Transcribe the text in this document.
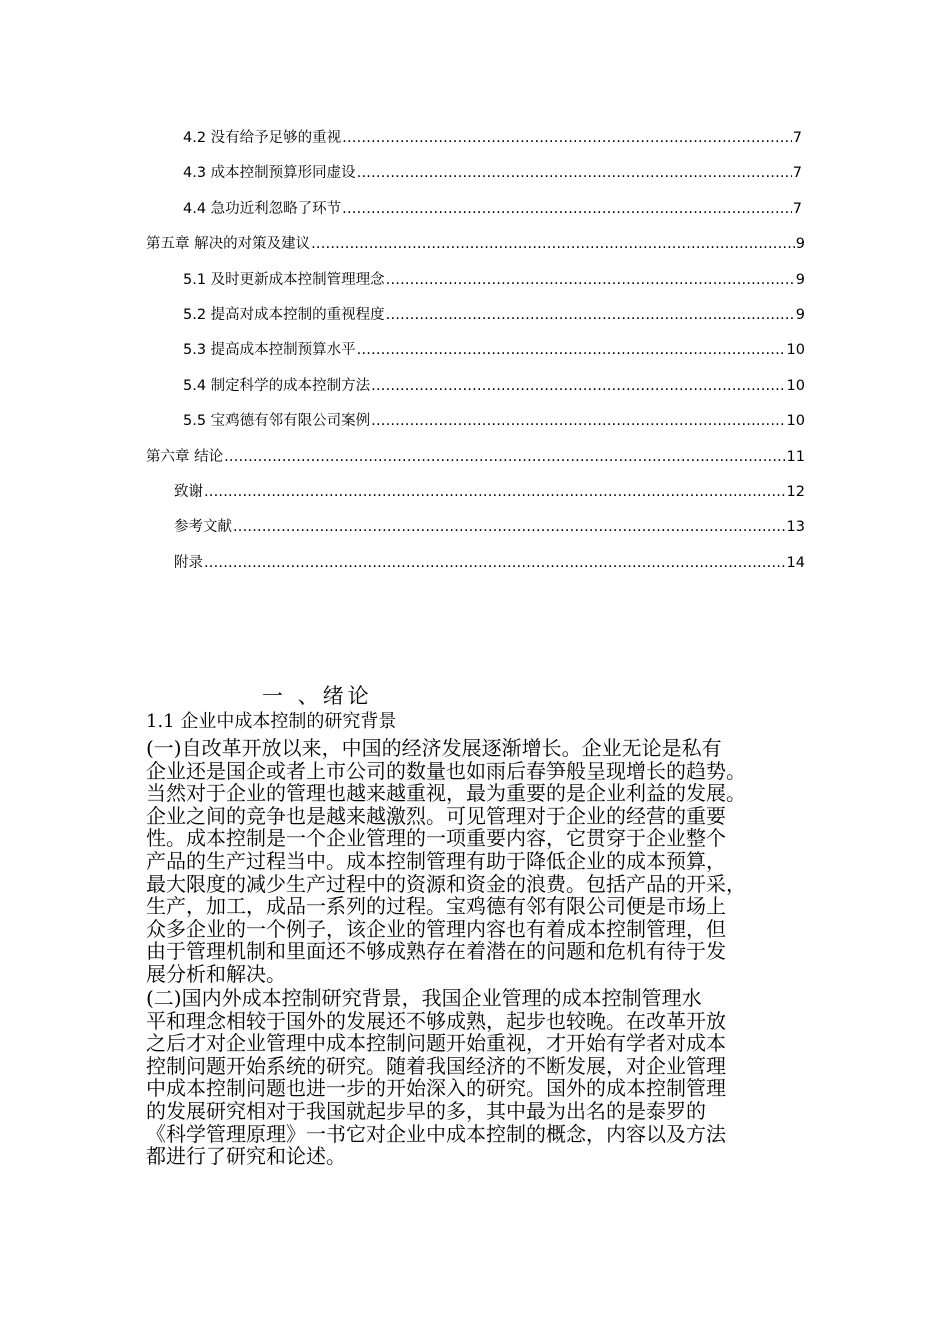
4.2 没有给予足够的重视 .....	7
4.3 成本控制预算形同虚设 .....	7
4.4 急功近利忽略了环节 .....	7
第五章 解决的对策及建议 .....	9
5.1 及时更新成本控制管理理念 .....	9
5.2 提高对成本控制的重视程度 .....	9
5.3 提高成本控制预算水平 .....	10
5.4 制定科学的成本控制方法 .....	10
5.5 宝鸡德有邻有限公司案例 .....	10
第六章 结论 .....	11
致谢 .....	12
参考文献 .....	13
附录 .....	14
一 、绪论
1.1 企业中成本控制的研究背景
(一)自改革开放以来，中国的经济发展逐渐增长。企业无论是私有
企业还是国企或者上市公司的数量也如雨后春笋般呈现增长的趋势。
当然对于企业的管理也越来越重视，最为重要的是企业利益的发展。
企业之间的竞争也是越来越激烈。可见管理对于企业的经营的重要
性。成本控制是一个企业管理的一项重要内容，它贯穿于企业整个
产品的生产过程当中。成本控制管理有助于降低企业的成本预算，
最大限度的减少生产过程中的资源和资金的浪费。包括产品的开采，
生产，加工，成品一系列的过程。宝鸡德有邻有限公司便是市场上
众多企业的一个例子，该企业的管理内容也有着成本控制管理，但
由于管理机制和里面还不够成熟存在着潜在的问题和危机有待于发
展分析和解决。
(二)国内外成本控制研究背景，我国企业管理的成本控制管理水
平和理念相较于国外的发展还不够成熟，起步也较晚。在改革开放
之后才对企业管理中成本控制问题开始重视，才开始有学者对成本
控制问题开始系统的研究。随着我国经济的不断发展，对企业管理
中成本控制问题也进一步的开始深入的研究。国外的成本控制管理
的发展研究相对于我国就起步早的多，其中最为出名的是泰罗的
《科学管理原理》一书它对企业中成本控制的概念，内容以及方法
都进行了研究和论述。
